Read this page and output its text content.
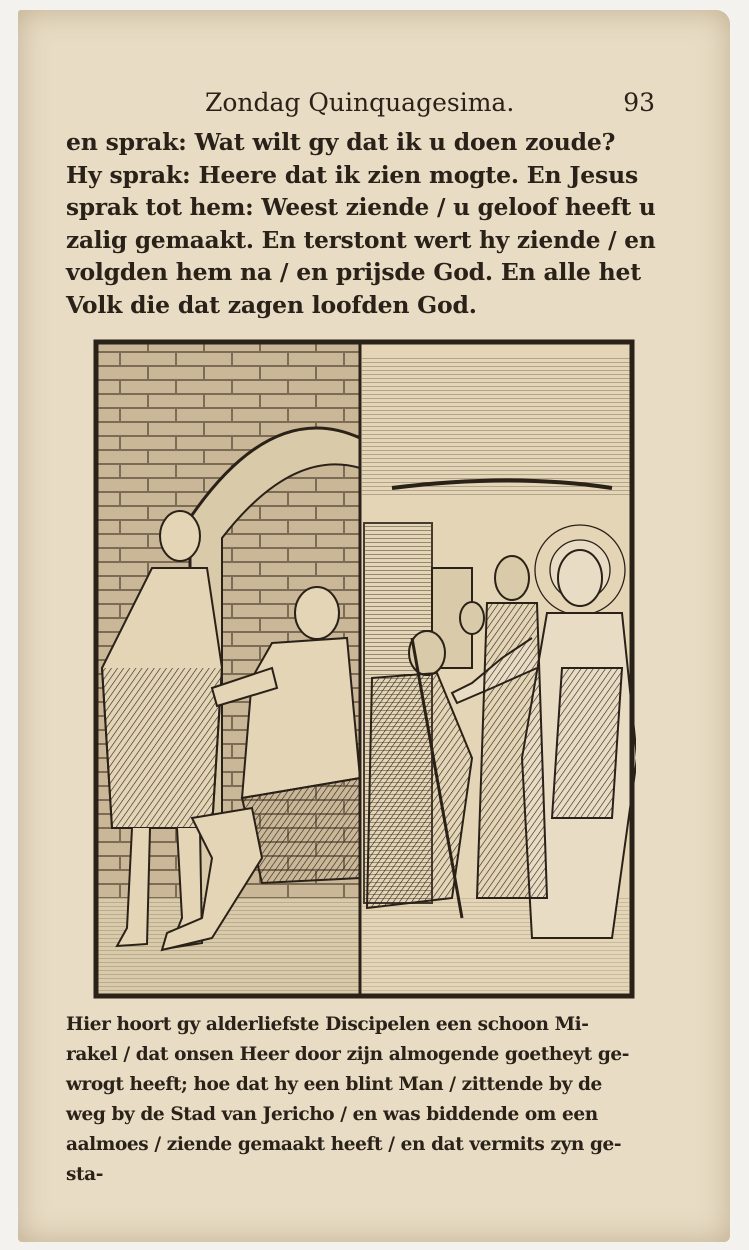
Zondag Quinquagesima.	93
en sprak: Wat wilt gy dat ik u doen zoude?
Hy sprak: Heere dat ik zien mogte. En Jesus
sprak tot hem: Weest ziende / u geloof heeft u
zalig gemaakt. En terstont wert hy ziende / en
volgden hem na / en prijsde God. En alle het
Volk die dat zagen loofden God.
Hier hoort gy alderliefste Discipelen een schoon Mi-
rakel / dat onsen Heer door zijn almogende goetheyt ge-
wrogt heeft; hoe dat hy een blint Man / zittende by de
weg by de Stad van Jericho / en was biddende om een
aalmoes / ziende gemaakt heeft / en dat vermits zyn ge-
sta-
